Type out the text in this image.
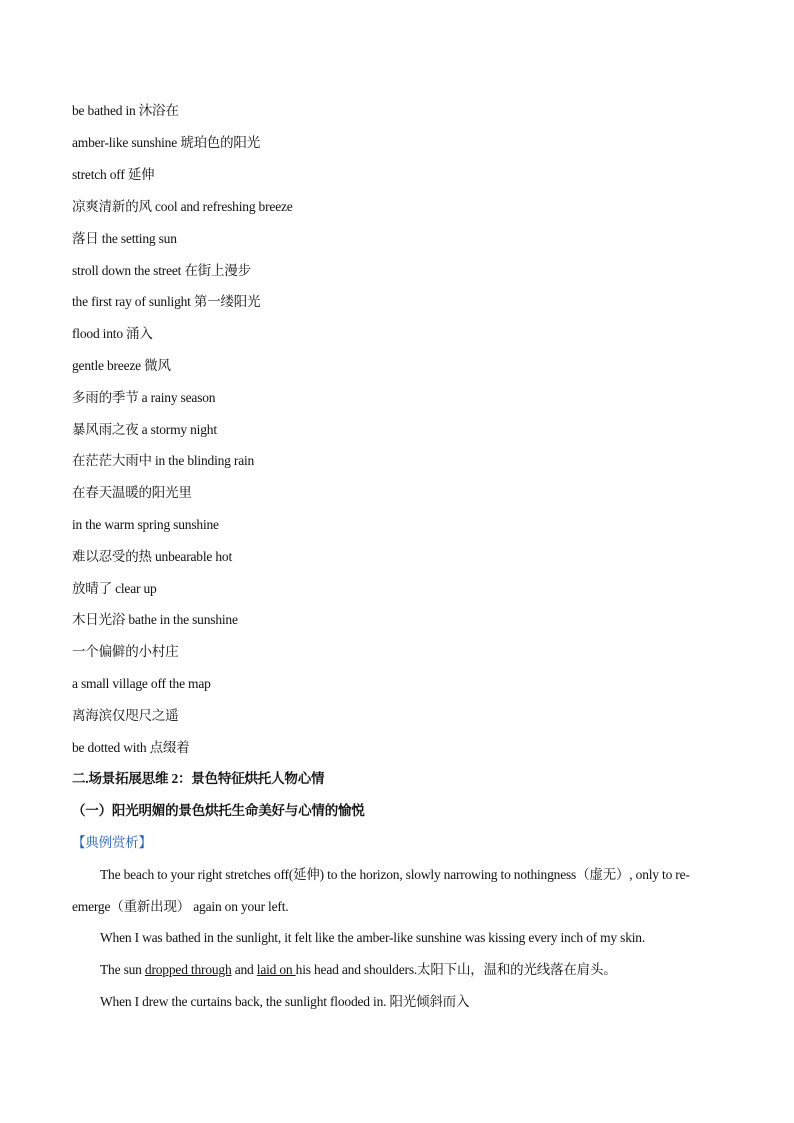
be bathed in 沐浴在
amber-like sunshine 琥珀色的阳光
stretch off 延伸
凉爽清新的风 cool and refreshing breeze
落日 the setting sun
stroll down the street 在街上漫步
the first ray of sunlight 第一缕阳光
flood into 涌入
gentle breeze 微风
多雨的季节 a rainy season
暴风雨之夜 a stormy night
在茫茫大雨中 in the blinding rain
在春天温暖的阳光里
in the warm spring sunshine
难以忍受的热 unbearable hot
放晴了 clear up
木日光浴 bathe in the sunshine
一个偏僻的小村庄
a small village off the map
离海滨仅咫尺之遥
be dotted with 点缀着
二.场景拓展思维 2：景色特征烘托人物心情
（一）阳光明媚的景色烘托生命美好与心情的愉悦
【典例赏析】
The beach to your right stretches off(延伸) to the horizon, slowly narrowing to nothingness（虚无）, only to re-emerge（重新出现） again on your left.
When I was bathed in the sunlight, it felt like the amber-like sunshine was kissing every inch of my skin.
The sun dropped through and laid on his head and shoulders.太阳下山，温和的光线落在肩头。
When I drew the curtains back, the sunlight flooded in. 阳光倾斜而入
